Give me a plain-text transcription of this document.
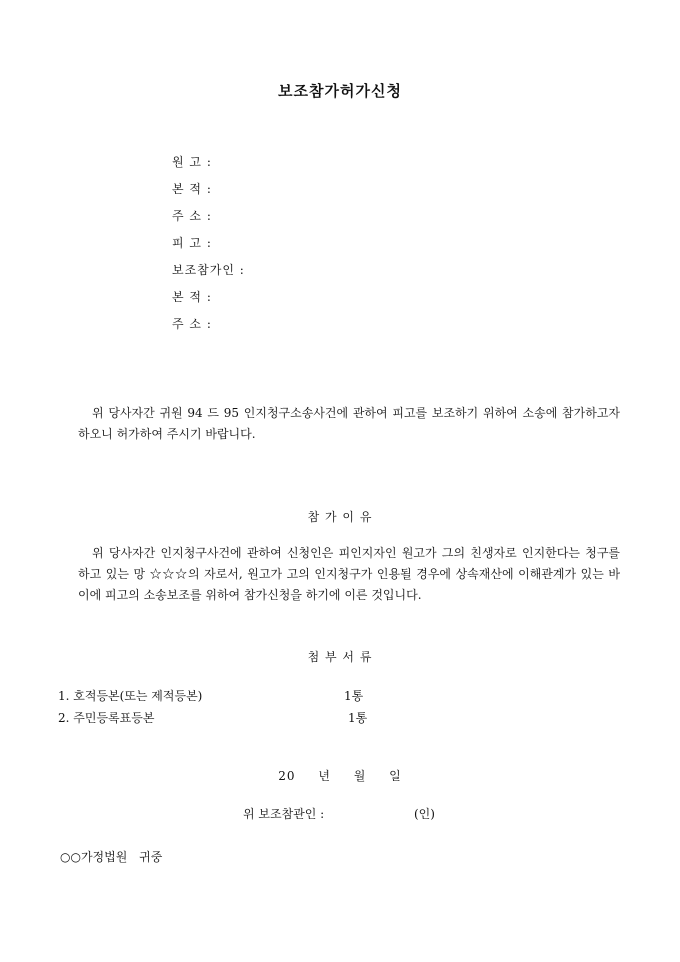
보조참가허가신청
원 고 :
본 적 :
주 소 :
피 고 :
보조참가인 :
본 적 :
주 소 :
위 당사자간 귀원 94 드 95 인지청구소송사건에 관하여 피고를 보조하기 위하여 소송에 참가하고자 하오니 허가하여 주시기 바랍니다.
참 가 이 유
위 당사자간 인지청구사건에 관하여 신청인은 피인지자인 원고가 그의 친생자로 인지한다는 청구를 하고 있는 망 ☆☆☆의 자로서, 원고가 고의 인지청구가 인용될 경우에 상속재산에 이해관계가 있는 바 이에 피고의 소송보조를 위하여 참가신청을 하기에 이른 것입니다.
첨 부 서 류
1. 호적등본(또는 제적등본)	1통
2. 주민등록표등본	1통
20 년 월 일
위 보조참관인 :	(인)
○○가정법원 귀중
